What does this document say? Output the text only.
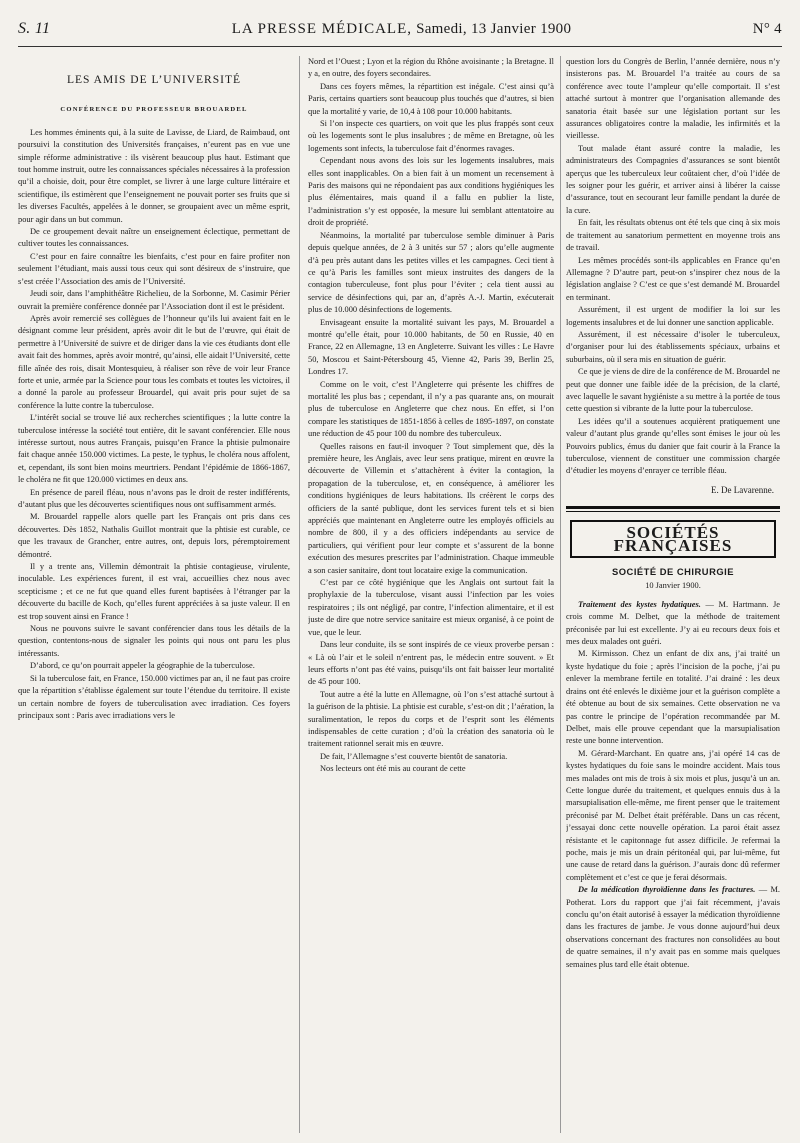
S. 11	LA PRESSE MÉDICALE, Samedi, 13 Janvier 1900	N° 4
LES AMIS DE L’UNIVERSITÉ
CONFÉRENCE DU PROFESSEUR BROUARDEL

Les hommes éminents qui, à la suite de Lavisse, de Liard, de Raimbaud, ont poursuivi la constitution des Universités françaises, n’eurent pas en vue une simple réforme administrative : ils visèrent beaucoup plus haut. Estimant que tout homme instruit, outre les connaissances spéciales nécessaires à la profession qu’il a choisie, doit, pour être complet, se livrer à une large culture littéraire et scientifique, ils estimèrent que l’enseignement ne pouvait porter ses fruits que si les diverses Facultés, appelées à le donner, se groupaient avec un même esprit, pour agir dans un but commun.

De ce groupement devait naître un enseignement éclectique, permettant de cultiver toutes les connaissances.

C’est pour en faire connaître les bienfaits, c’est pour en faire profiter non seulement l’étudiant, mais aussi tous ceux qui sont désireux de s’instruire, que s’est créée l’Association des amis de l’Université.

Jeudi soir, dans l’amphithéâtre Richelieu, de la Sorbonne, M. Casimir Périer ouvrait la première conférence donnée par l’Association dont il est le président.

Après avoir remercié ses collègues de l’honneur qu’ils lui avaient fait en le désignant comme leur président, après avoir dit le but de l’œuvre, qui était de permettre à l’Université de suivre et de diriger dans la vie ces étudiants dont elle avait fait des hommes, après avoir montré, qu’ainsi, elle aidait l’Université, cette fille aînée des rois, disait Montesquieu, à réaliser son rêve de voir leur France forte et unie, armée par la Science pour tous les combats et toutes les victoires, il a donné la parole au professeur Brouardel, qui avait pris pour sujet de sa conférence la lutte contre la tuberculose.

L’intérêt social se trouve lié aux recherches scientifiques ; la lutte contre la tuberculose intéresse la société tout entière, dit le savant conférencier. Elle nous intéresse surtout, nous autres Français, puisqu’en France la phtisie pulmonaire fait chaque année 150.000 victimes. La peste, le typhus, le choléra nous affolent, et, cependant, ils sont bien moins meurtriers. Pendant l’épidémie de 1866-1867, le choléra ne fit que 120.000 victimes en deux ans.

En présence de pareil fléau, nous n’avons pas le droit de rester indifférents, d’autant plus que les découvertes scientifiques nous ont suffisamment armés.

M. Brouardel rappelle alors quelle part les Français ont pris dans ces découvertes. Dès 1852, Nathalis Guillot montrait que la phtisie est curable, ce que les travaux de Grancher, entre autres, ont, depuis lors, péremptoirement démontré.

Il y a trente ans, Villemin démontrait la phtisie contagieuse, virulente, inoculable. Les expériences furent, il est vrai, accueillies chez nous avec scepticisme ; et ce ne fut que quand elles furent baptisées à l’étranger par la découverte du bacille de Koch, qu’elles furent appréciées à sa juste valeur. Il en est trop souvent ainsi en France !

Nous ne pouvons suivre le savant conférencier dans tous les détails de la question, contentons-nous de signaler les points qui nous ont paru les plus intéressants.

D’abord, ce qu’on pourrait appeler la géographie de la tuberculose.

Si la tuberculose fait, en France, 150.000 victimes par an, il ne faut pas croire que la répartition s’établisse également sur toute l’étendue du territoire. Il existe un certain nombre de foyers de tuberculisation avec irradiation. Ces foyers principaux sont : Paris avec irradiations vers le

Nord et l’Ouest ; Lyon et la région du Rhône avoisinante ; la Bretagne. Il y a, en outre, des foyers secondaires.

Dans ces foyers mêmes, la répartition est inégale. C’est ainsi qu’à Paris, certains quartiers sont beaucoup plus touchés que d’autres, si bien que la mortalité y varie, de 10,4 à 108 pour 10.000 habitants.

Si l’on inspecte ces quartiers, on voit que les plus frappés sont ceux où les logements sont le plus insalubres ; de même en Bretagne, où les logements sont infects, la tuberculose fait d’énormes ravages.

Cependant nous avons des lois sur les logements insalubres, mais elles sont inapplicables. On a bien fait à un moment un recensement à Paris des maisons qui ne répondaient pas aux conditions hygiéniques les plus élémentaires, mais quand il a fallu en publier la liste, l’administration s’y est opposée, la mesure lui semblant attentatoire au droit de propriété.

Néanmoins, la mortalité par tuberculose semble diminuer à Paris depuis quelque années, de 2 à 3 unités sur 57 ; alors qu’elle augmente d’à peu près autant dans les petites villes et les campagnes. Ceci tient à ce qu’à Paris les familles sont mieux instruites des dangers de la contagion tuberculeuse, font plus pour l’éviter ; cela tient aussi au service de désinfections qui, par an, d’après A.-J. Martin, exécuterait plus de 10.000 désinfections de logements.

Envisageant ensuite la mortalité suivant les pays, M. Brouardel a montré qu’elle était, pour 10.000 habitants, de 50 en Russie, 40 en France, 22 en Allemagne, 13 en Angleterre. Suivant les villes : Le Havre 50, Moscou et Saint-Pétersbourg 45, Vienne 42, Paris 39, Berlin 25, Londres 17.

Comme on le voit, c’est l’Angleterre qui présente les chiffres de mortalité les plus bas ; cependant, il n’y a pas quarante ans, on mourait plus de tuberculose en Angleterre que chez nous. En effet, si l’on compare les statistiques de 1851-1856 à celles de 1895-1897, on constate une réduction de 45 pour 100 du nombre des tuberculeux.

Quelles raisons en faut-il invoquer ? Tout simplement que, dès la première heure, les Anglais, avec leur sens pratique, mirent en œuvre la découverte de Villemin et s’attachèrent à éviter la contagion, la propagation de la tuberculose, et, en conséquence, à améliorer les conditions hygiéniques de leurs habitations. Ils créèrent le corps des officiers de la santé publique, dont les services furent tels et si bien appréciés que maintenant en Angleterre outre les employés officiels au nombre de 800, il y a des officiers indépendants au service de particuliers, qui vérifient pour leur compte et s’assurent de la bonne exécution des mesures prescrites par l’administration. Chaque immeuble a son casier sanitaire, dont tout locataire exige la communication.

C’est par ce côté hygiénique que les Anglais ont surtout fait la prophylaxie de la tuberculose, visant aussi l’infection par les voies respiratoires ; ils ont négligé, par contre, l’infection alimentaire, et il est juste de dire que notre service sanitaire est mieux organisé, à ce point de vue, que le leur.

Dans leur conduite, ils se sont inspirés de ce vieux proverbe persan : « Là où l’air et le soleil n’entrent pas, le médecin entre souvent. » Et leurs efforts n’ont pas été vains, puisqu’ils ont fait baisser leur mortalité de 45 pour 100.

Tout autre a été la lutte en Allemagne, où l’on s’est attaché surtout à la guérison de la phtisie. La phtisie est curable, s’est-on dit ; l’aération, la suralimentation, le repos du corps et de l’esprit sont les éléments indispensables de cette curation ; d’où la création des sanatoria où le traitement rationnel serait mis en œuvre.

De fait, l’Allemagne s’est couverte bientôt de sanatoria.

Nos lecteurs ont été mis au courant de cette

question lors du Congrès de Berlin, l’année dernière, nous n’y insisterons pas. M. Brouardel l’a traitée au cours de sa conférence avec toute l’ampleur qu’elle comportait. Il s’est attaché surtout à montrer que l’organisation allemande des sanatoria était basée sur une législation portant sur les assurances obligatoires contre la maladie, les infirmités et la vieillesse.

Tout malade étant assuré contre la maladie, les administrateurs des Compagnies d’assurances se sont bientôt aperçus que les tuberculeux leur coûtaient cher, d’où l’idée de les soigner pour les guérir, et arriver ainsi à libérer la caisse d’assurance, tout en secourant leur famille pendant la durée de la cure.

En fait, les résultats obtenus ont été tels que cinq à six mois de traitement au sanatorium permettent en moyenne trois ans de travail.

Les mêmes procédés sont-ils applicables en France qu’en Allemagne ? D’autre part, peut-on s’inspirer chez nous de la législation anglaise ? C’est ce que s’est demandé M. Brouardel en terminant.

Assurément, il est urgent de modifier la loi sur les logements insalubres et de lui donner une sanction applicable.

Assurément, il est nécessaire d’isoler le tuberculeux, d’organiser pour lui des établissements spéciaux, urbains et suburbains, où il sera mis en situation de guérir.

Ce que je viens de dire de la conférence de M. Brouardel ne peut que donner une faible idée de la précision, de la clarté, avec laquelle le savant hygiéniste a su mettre à la portée de tous cette question si vibrante de la lutte pour la tuberculose.

Les idées qu’il a soutenues acquièrent pratiquement une valeur d’autant plus grande qu’elles sont émises le jour où les Pouvoirs publics, émus du danier que fait courir à la France la tuberculose, viennent de constituer une commission chargée d’étudier les moyens d’enrayer ce terrible fléau.

E. De Lavarenne.
SOCIÉTÉS FRANÇAISES
SOCIÉTÉ DE CHIRURGIE
10 Janvier 1900.

Traitement des kystes hydatiques. — M. Hartmann. Je crois comme M. Delbet, que la méthode de traitement préconisée par lui est excellente. J’y ai eu recours deux fois et mes deux malades ont guéri.

M. Kirmisson. Chez un enfant de dix ans, j’ai traité un kyste hydatique du foie ; après l’incision de la poche, j’ai pu enlever la membrane fertile en totalité. J’ai drainé : les deux drains ont été enlevés le dixième jour et la guérison complète a été obtenue au bout de six semaines. Cette observation ne va pas contre le principe de l’opération recommandée par M. Delbet, mais elle prouve cependant que la marsupialisation reste une bonne intervention.

M. Gérard-Marchant. En quatre ans, j’ai opéré 14 cas de kystes hydatiques du foie sans le moindre accident. Mais tous mes malades ont mis de trois à six mois et plus, jusqu’à un an. Cette longue durée du traitement, et quelques ennuis dus à la marsupialisation elle-même, me firent penser que le traitement préconisé par M. Delbet était préférable. Dans un cas récent, j’essayai donc cette nouvelle opération. La paroi était assez résistante et le capitonnage fut assez difficile. Je refermai la poche, mais je mis un drain péritonéal qui, par lui-même, fut une cause de retard dans la guérison. J’aurais donc dû refermer complètement et c’est ce que je ferai désormais.

De la médication thyroïdienne dans les fractures. — M. Potherat. Lors du rapport que j’ai fait récemment, j’avais conclu qu’on était autorisé à essayer la médication thyroïdienne dans les fractures de jambe. Je vous donne aujourd’hui deux observations concernant des fractures non consolidées au bout de quatre semaines, il n’y avait pas en somme mais quelques semaines plus tard elle était obtenue.
